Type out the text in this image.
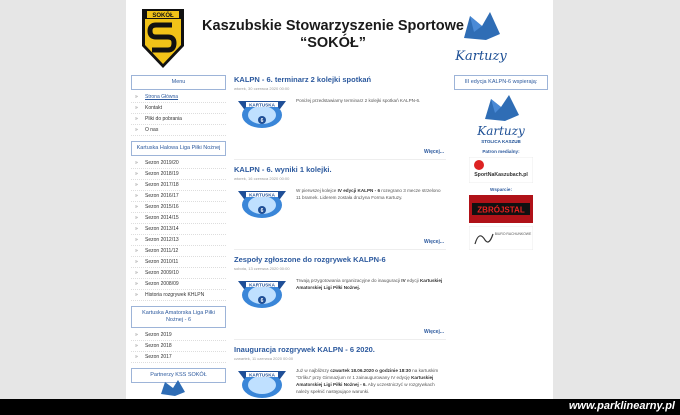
SOKÓŁ
Kaszubskie Stowarzyszenie Sportowe
“SOKÓŁ”
Kartuzy
Menu
» Strona Główna
» Kontakt
» Pliki do pobrania
» O nas
Kartuska Halowa Liga Piłki Nożnej
» Sezon 2019/20
» Sezon 2018/19
» Sezon 2017/18
» Sezon 2016/17
» Sezon 2015/16
» Sezon 2014/15
» Sezon 2013/14
» Sezon 2012/13
» Sezon 2011/12
» Sezon 2010/11
» Sezon 2009/10
» Sezon 2008/09
» Historia rozgrywek KHLPN
Kartuska Amatorska Liga Piłki Nożnej - 6
» Sezon 2019
» Sezon 2018
» Sezon 2017
Partnerzy KSS SOKÓŁ
KALPN - 6. terminarz 2 kolejki spotkań
wtorek, 30 czerwca 2020 00:00
KARTUSKA
6
Poniżej przedstawiamy terminarz 2 kolejki spotkań KALPN-6.
Więcej...
KALPN - 6. wyniki 1 kolejki.
wtorek, 16 czerwca 2020 00:00
KARTUSKA
6
W pierwszej kolejce IV edycji KALPN - 6 rozegrano 3 mecze strzelono 11 bramek. Liderem została drużyna Forma Kartuzy.
Więcej...
Zespoły zgłoszone do rozgrywek KALPN-6
sobota, 13 czerwca 2020 00:00
KARTUSKA
6
Trwają przygotowania organizacyjne do inauguracji IV edycji Kartuskiej Amatorskiej Ligi Piłki Nożnej.
Więcej...
Inauguracja rozgrywek KALPN - 6 2020.
czwartek, 11 czerwca 2020 00:00
KARTUSKA
Już w najbliższy czwartek 18.06.2020 o godzinie 18:30 na kartuskim "Orliku" przy Gimnazjum nr 1 zainaugurowany IV edycję Kartuskiej Amatorskiej Ligi Piłki Nożnej - 6. Aby uczestniczyć w rozgrywkach należy spełnić następujące warunki.
III edycja KALPN-6 wspierają:
Kartuzy
STOLICA KASZUB
Patron medialny:
SportNaKaszubach.pl
Wsparcie:
ZBRÓJSTAL
BIURO RACHUNKOWE
www.parklinearny.pl
